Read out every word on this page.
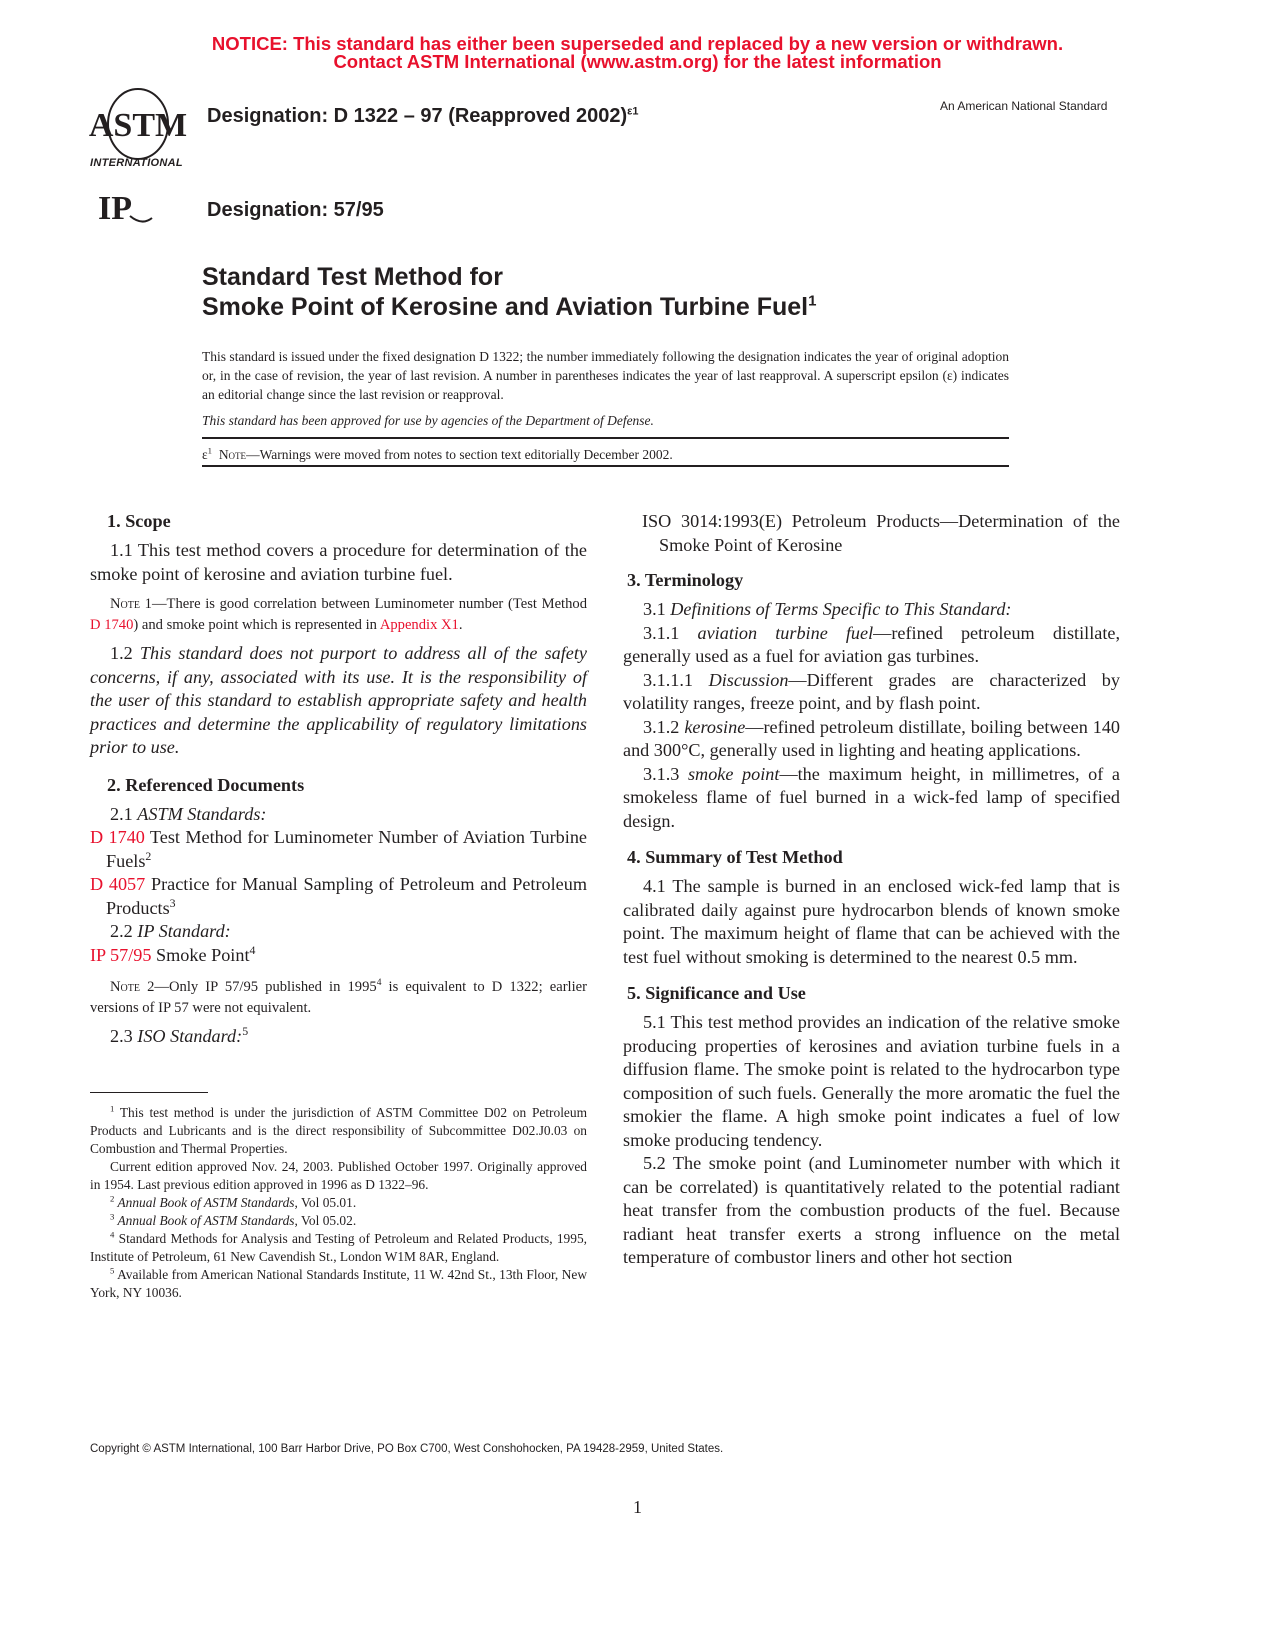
NOTICE: This standard has either been superseded and replaced by a new version or withdrawn.
Contact ASTM International (www.astm.org) for the latest information
ASTM
INTERNATIONAL
Designation: D 1322 – 97 (Reapproved 2002)$^{\varepsilon 1}$	An American National Standard
IP	Designation: 57/95
Standard Test Method for
Smoke Point of Kerosine and Aviation Turbine Fuel$^1$
This standard is issued under the fixed designation D 1322; the number immediately following the designation indicates the year of original adoption or, in the case of revision, the year of last revision. A number in parentheses indicates the year of last reapproval. A superscript epsilon (ε) indicates an editorial change since the last revision or reapproval.
This standard has been approved for use by agencies of the Department of Defense.
$\varepsilon^1$ Note—Warnings were moved from notes to section text editorially December 2002.

1. Scope

1.1 This test method covers a procedure for determination of the smoke point of kerosine and aviation turbine fuel.

Note 1—There is good correlation between Luminometer number (Test Method D 1740) and smoke point which is represented in Appendix X1.

1.2 This standard does not purport to address all of the safety concerns, if any, associated with its use. It is the responsibility of the user of this standard to establish appropriate safety and health practices and determine the applicability of regulatory limitations prior to use.

2. Referenced Documents

2.1 ASTM Standards:

D 1740 Test Method for Luminometer Number of Aviation Turbine Fuels$^2$

D 4057 Practice for Manual Sampling of Petroleum and Petroleum Products$^3$

2.2 IP Standard:

IP 57/95 Smoke Point$^4$

Note 2—Only IP 57/95 published in 1995$^4$ is equivalent to D 1322; earlier versions of IP 57 were not equivalent.

2.3 ISO Standard:$^5$

$^1$ This test method is under the jurisdiction of ASTM Committee D02 on Petroleum Products and Lubricants and is the direct responsibility of Subcommittee D02.J0.03 on Combustion and Thermal Properties.

Current edition approved Nov. 24, 2003. Published October 1997. Originally approved in 1954. Last previous edition approved in 1996 as D 1322–96.

$^2$ Annual Book of ASTM Standards, Vol 05.01.

$^3$ Annual Book of ASTM Standards, Vol 05.02.

$^4$ Standard Methods for Analysis and Testing of Petroleum and Related Products, 1995, Institute of Petroleum, 61 New Cavendish St., London W1M 8AR, England.

$^5$ Available from American National Standards Institute, 11 W. 42nd St., 13th Floor, New York, NY 10036.

ISO 3014:1993(E) Petroleum Products—Determination of the Smoke Point of Kerosine

3. Terminology

3.1 Definitions of Terms Specific to This Standard:

3.1.1 aviation turbine fuel—refined petroleum distillate, generally used as a fuel for aviation gas turbines.

3.1.1.1 Discussion—Different grades are characterized by volatility ranges, freeze point, and by flash point.

3.1.2 kerosine—refined petroleum distillate, boiling between 140 and 300°C, generally used in lighting and heating applications.

3.1.3 smoke point—the maximum height, in millimetres, of a smokeless flame of fuel burned in a wick-fed lamp of specified design.

4. Summary of Test Method

4.1 The sample is burned in an enclosed wick-fed lamp that is calibrated daily against pure hydrocarbon blends of known smoke point. The maximum height of flame that can be achieved with the test fuel without smoking is determined to the nearest 0.5 mm.

5. Significance and Use

5.1 This test method provides an indication of the relative smoke producing properties of kerosines and aviation turbine fuels in a diffusion flame. The smoke point is related to the hydrocarbon type composition of such fuels. Generally the more aromatic the fuel the smokier the flame. A high smoke point indicates a fuel of low smoke producing tendency.

5.2 The smoke point (and Luminometer number with which it can be correlated) is quantitatively related to the potential radiant heat transfer from the combustion products of the fuel. Because radiant heat transfer exerts a strong influence on the metal temperature of combustor liners and other hot section

Copyright © ASTM International, 100 Barr Harbor Drive, PO Box C700, West Conshohocken, PA 19428-2959, United States.
1
